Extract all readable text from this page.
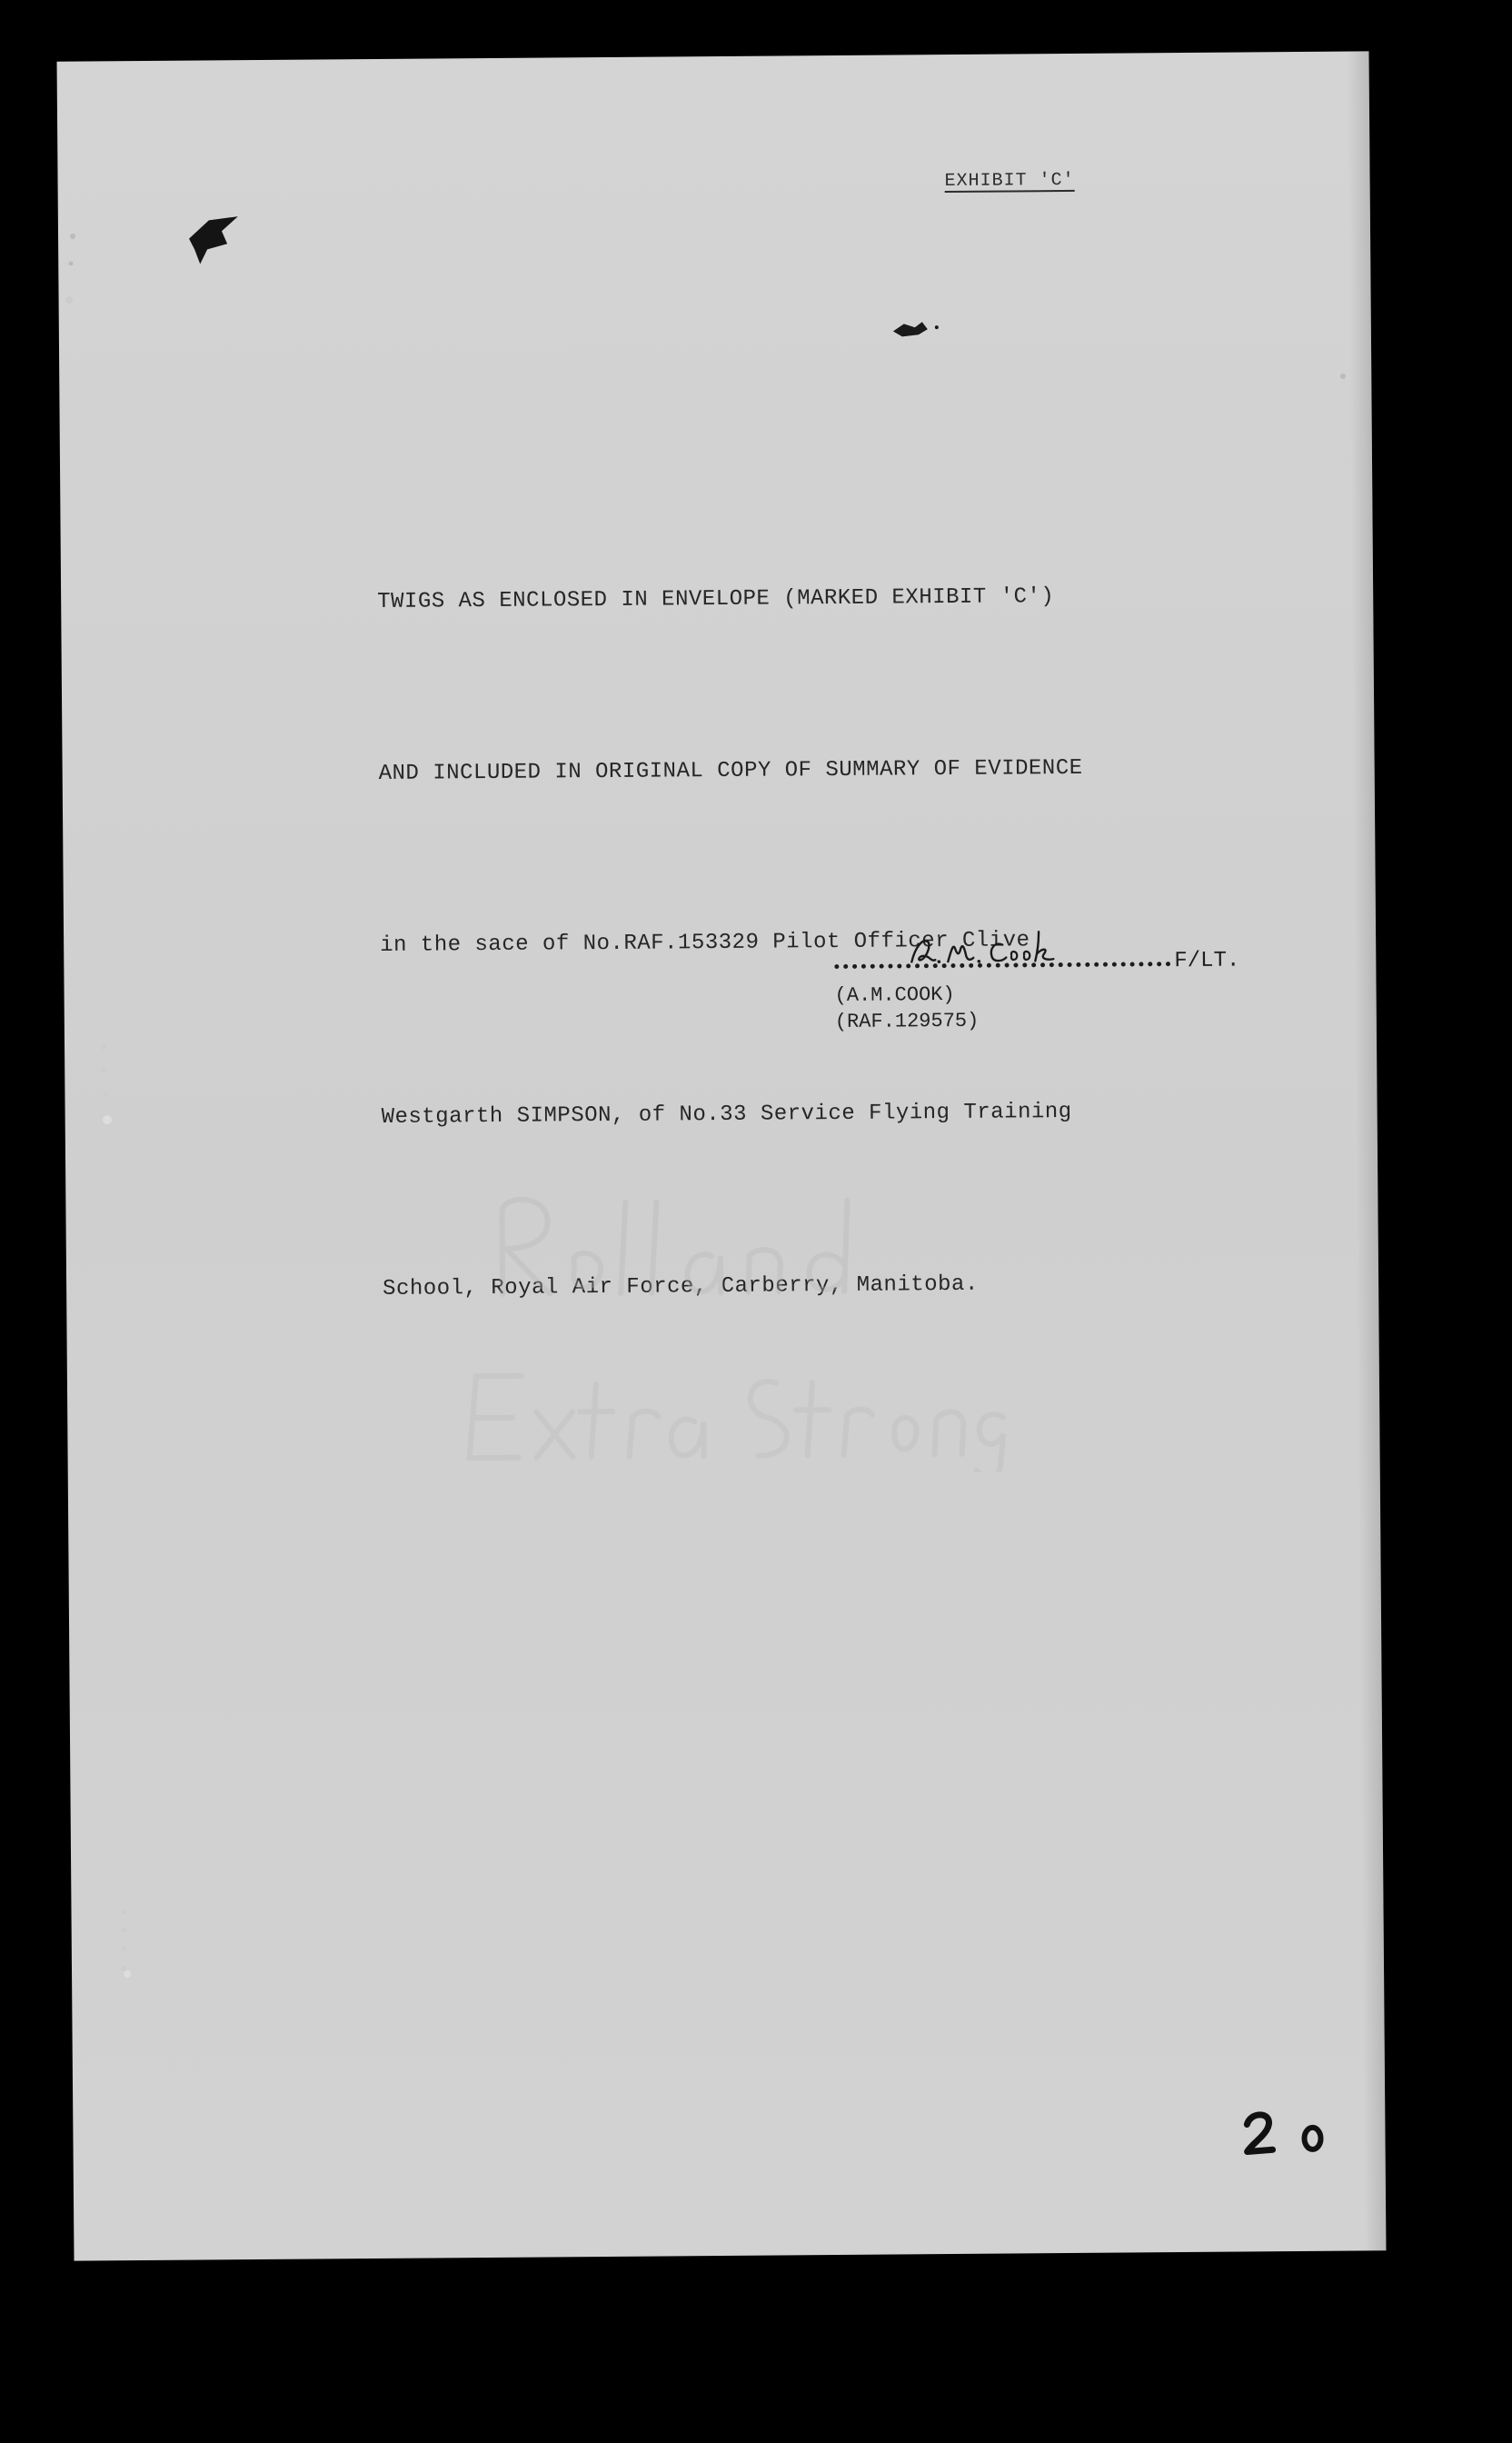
EXHIBIT 'C'

TWIGS AS ENCLOSED IN ENVELOPE (MARKED EXHIBIT 'C')

AND INCLUDED IN ORIGINAL COPY OF SUMMARY OF EVIDENCE

in the sace of No.RAF.153329 Pilot Officer Clive

Westgarth SIMPSON, of No.33 Service Flying Training

School, Royal Air Force, Carberry, Manitoba.

F/LT.

(A.M.COOK)
(RAF.129575)
